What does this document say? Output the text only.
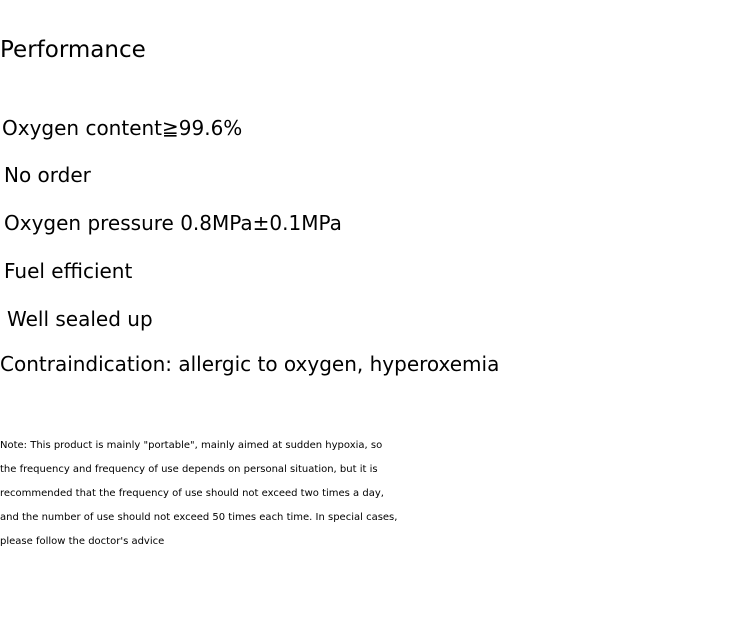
Performance
Oxygen content≧99.6%
No order
Oxygen pressure 0.8MPa±0.1MPa
Fuel efficient
Well sealed up
Contraindication: allergic to oxygen, hyperoxemia
Note: This product is mainly "portable", mainly aimed at sudden hypoxia, so
the frequency and frequency of use depends on personal situation, but it is
recommended that the frequency of use should not exceed two times a day,
and the number of use should not exceed 50 times each time. In special cases,
please follow the doctor's advice
